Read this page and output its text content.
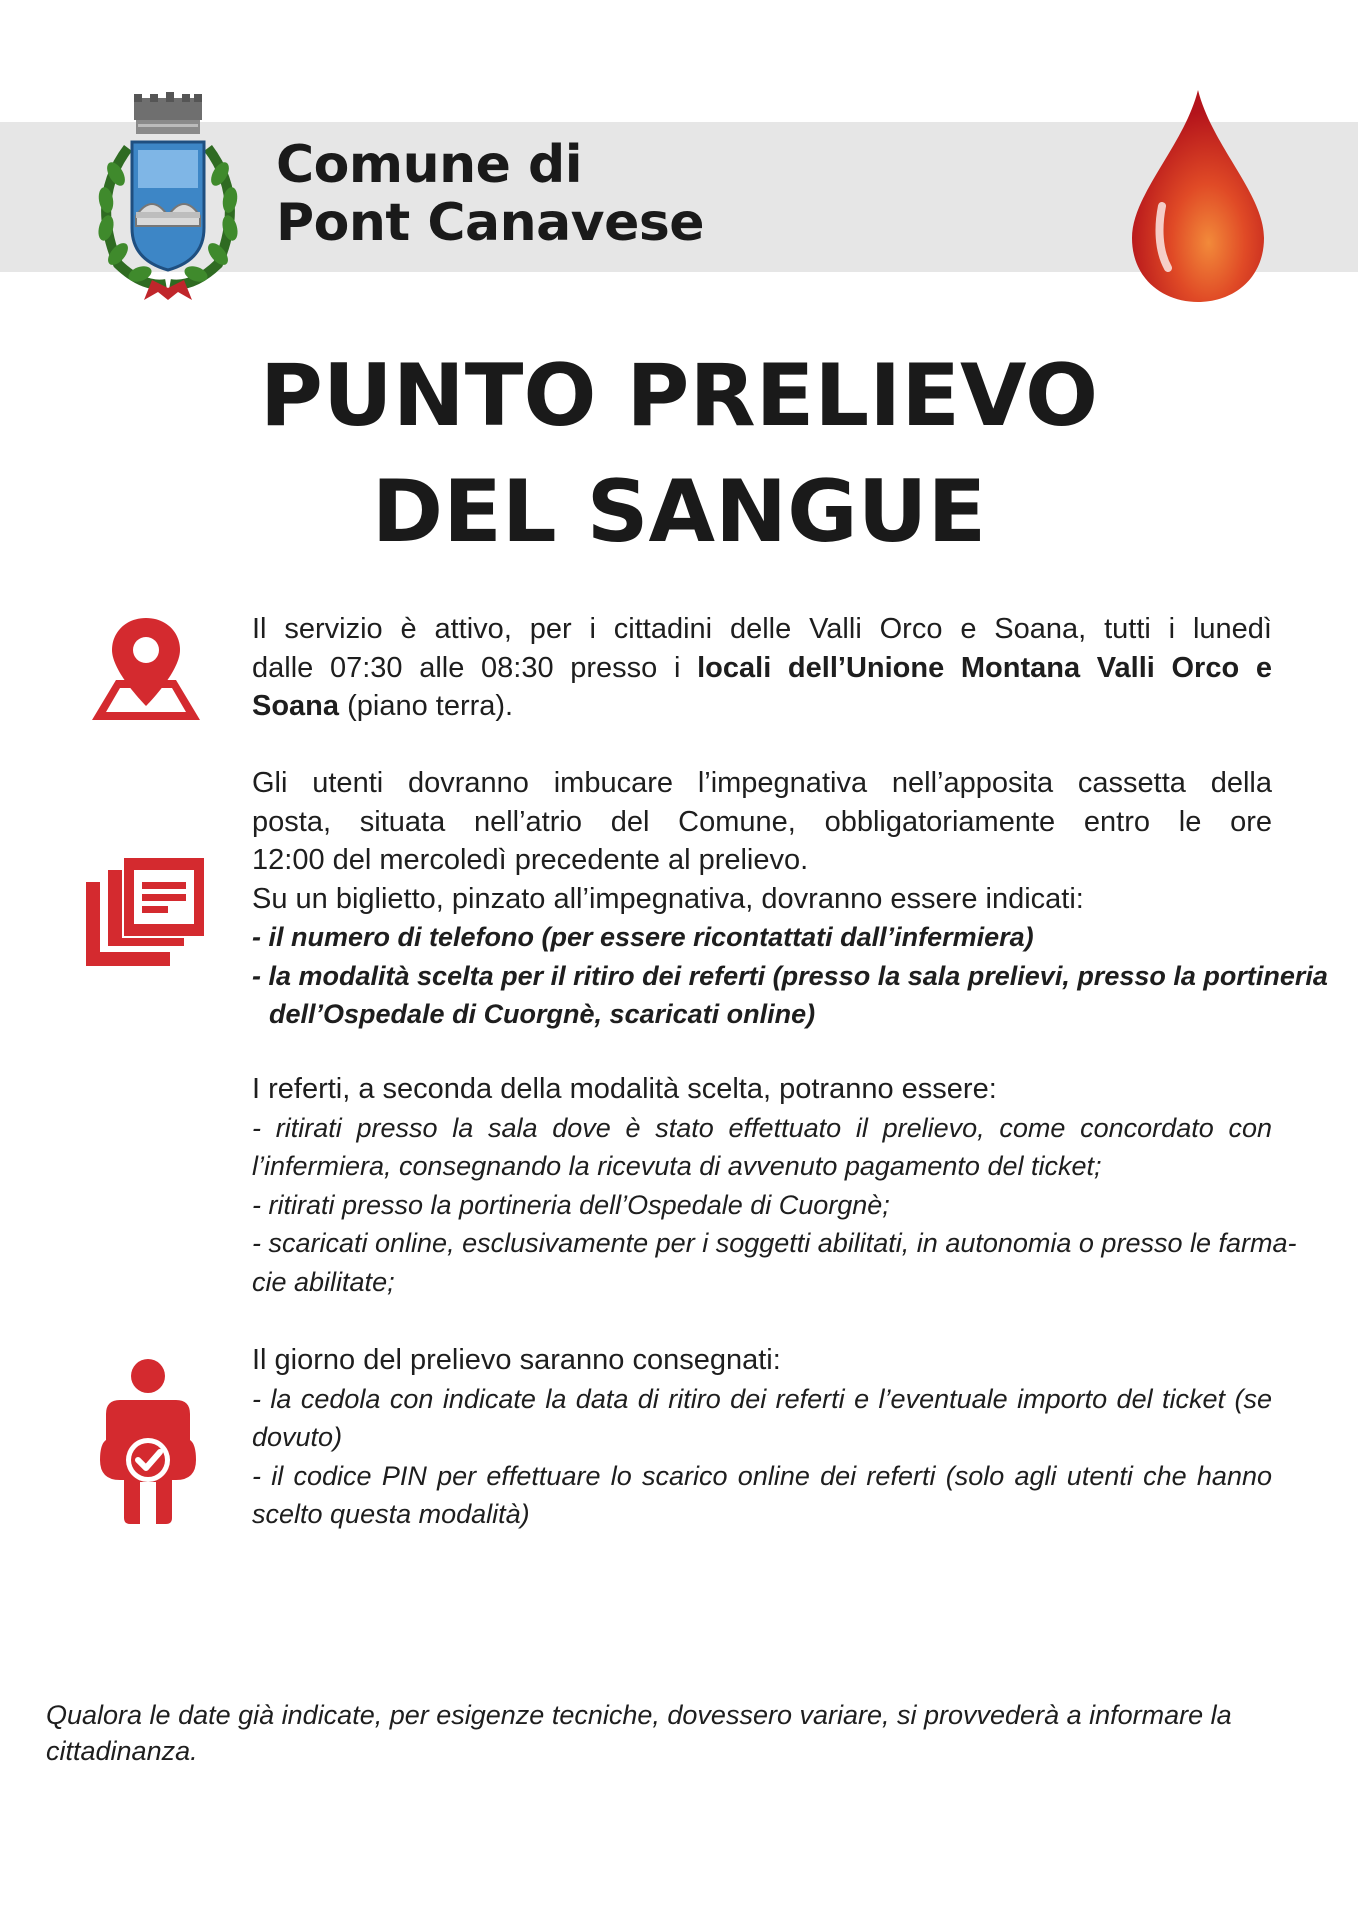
Comune di
Pont Canavese
PUNTO PRELIEVO
DEL SANGUE

Il servizio è attivo, per i cittadini delle Valli Orco e Soana, tutti i lunedì

dalle 07:30 alle 08:30 presso i locali dell’Unione Montana Valli Orco e

Soana (piano terra).

Gli utenti dovranno imbucare l’impegnativa nell’apposita cassetta della

posta, situata nell’atrio del Comune, obbligatoriamente entro le ore

12:00 del mercoledì precedente al prelievo.

Su un biglietto, pinzato all’impegnativa, dovranno essere indicati:

- il numero di telefono (per essere ricontattati dall’infermiera)

- la modalità scelta per il ritiro dei referti (presso la sala prelievi, presso la portineria

dell’Ospedale di Cuorgnè, scaricati online)

I referti, a seconda della modalità scelta, potranno essere:

- ritirati presso la sala dove è stato effettuato il prelievo, come concordato con

l’infermiera, consegnando la ricevuta di avvenuto pagamento del ticket;

- ritirati presso la portineria dell’Ospedale di Cuorgnè;

- scaricati online, esclusivamente per i soggetti abilitati, in autonomia o presso le farma-

cie abilitate;

Il giorno del prelievo saranno consegnati:

- la cedola con indicate la data di ritiro dei referti e l’eventuale importo del ticket (se

dovuto)

- il codice PIN per effettuare lo scarico online dei referti (solo agli utenti che hanno

scelto questa modalità)

Qualora le date già indicate, per esigenze tecniche, dovessero variare, si provvederà a informare la
cittadinanza.
